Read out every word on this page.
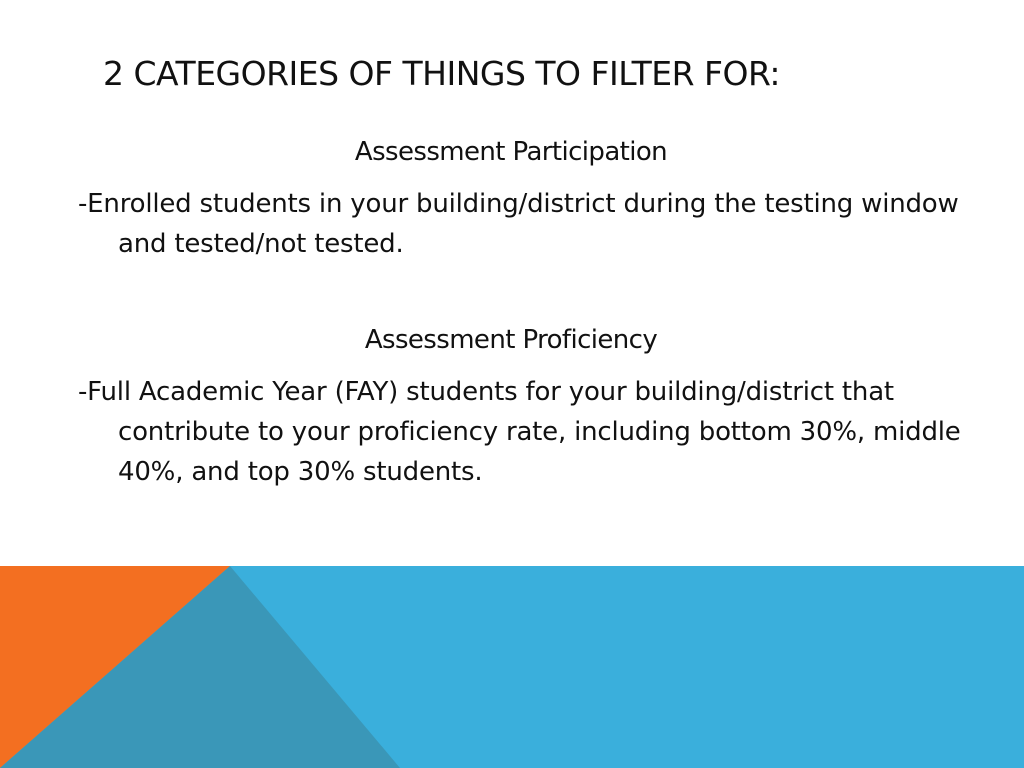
2 CATEGORIES OF THINGS TO FILTER FOR:

Assessment Participation

-Enrolled students in your building/district during the testing window and tested/not tested.

Assessment Proficiency

-Full Academic Year (FAY) students for your building/district that contribute to your proficiency rate, including bottom 30%, middle 40%, and top 30% students.
